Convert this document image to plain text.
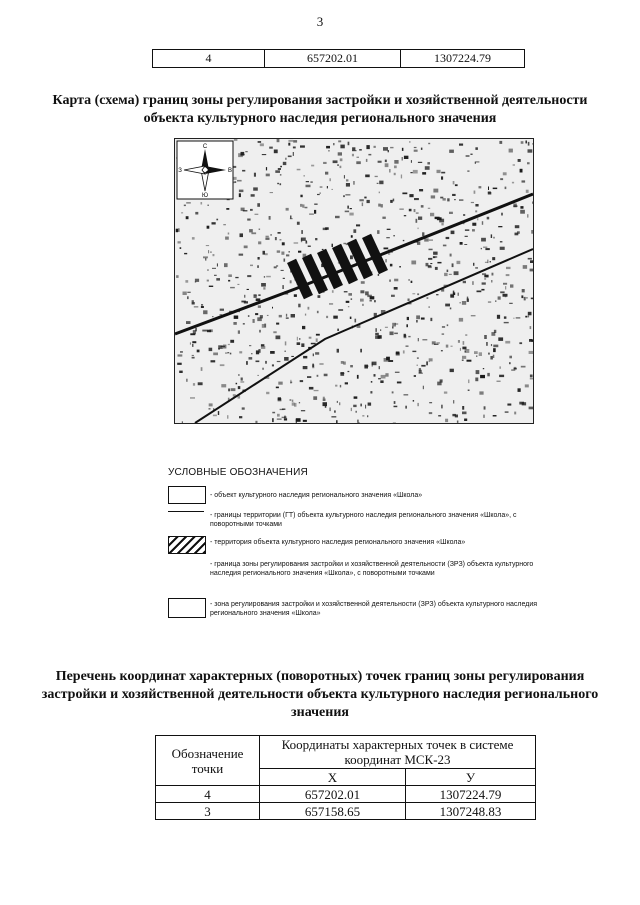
3
4	657202.01	1307224.79
Карта (схема) границ зоны регулирования застройки и хозяйственной деятельности объекта культурного наследия регионального значения
С
Ю
З	В
УСЛОВНЫЕ ОБОЗНАЧЕНИЯ
- объект культурного наследия регионального значения «Школа»
- границы территории (ГТ) объекта культурного наследия регионального значения «Школа», с поворотными точками
- территория объекта культурного наследия регионального значения «Школа»
- граница зоны регулирования застройки и хозяйственной деятельности (ЗРЗ) объекта культурного наследия регионального значения «Школа», с поворотными точками
- зона регулирования застройки и хозяйственной деятельности (ЗРЗ) объекта культурного наследия регионального значения «Школа»
Перечень координат характерных (поворотных) точек границ зоны регулирования застройки и хозяйственной деятельности объекта культурного наследия регионального значения
Обозначение точки	Координаты характерных точек в системе координат МСК-23	
	X	У
4	657202.01	1307224.79
3	657158.65	1307248.83
